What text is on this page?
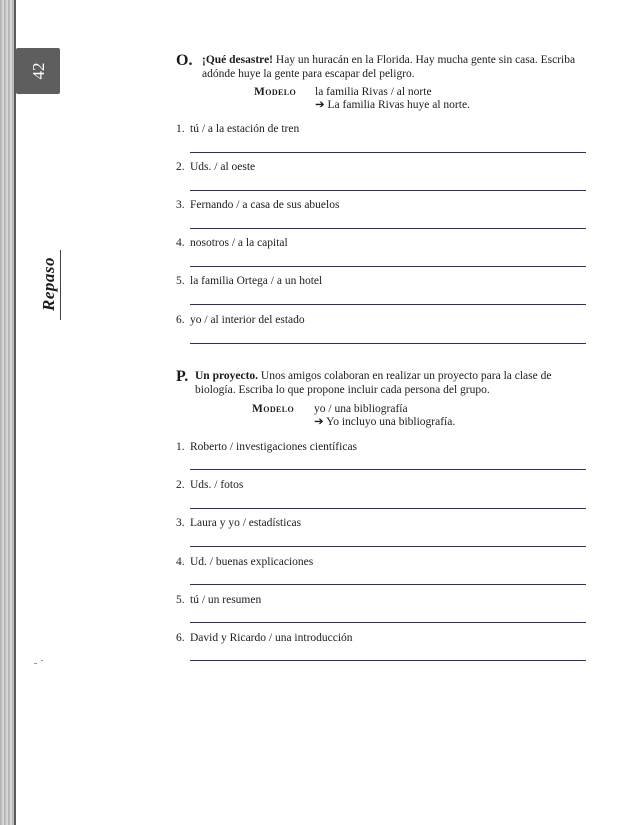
42
Repaso
O. ¡Qué desastre! Hay un huracán en la Florida. Hay mucha gente sin casa. Escriba adónde huye la gente para escapar del peligro.
Modelo la familia Rivas / al norte
➔ La familia Rivas huye al norte.
1. tú / a la estación de tren
2. Uds. / al oeste
3. Fernando / a casa de sus abuelos
4. nosotros / a la capital
5. la familia Ortega / a un hotel
6. yo / al interior del estado
P. Un proyecto. Unos amigos colaboran en realizar un proyecto para la clase de biología. Escriba lo que propone incluir cada persona del grupo.
Modelo yo / una bibliografía
➔ Yo incluyo una bibliografía.
1. Roberto / investigaciones científicas
2. Uds. / fotos
3. Laura y yo / estadísticas
4. Ud. / buenas explicaciones
5. tú / un resumen
6. David y Ricardo / una introducción
